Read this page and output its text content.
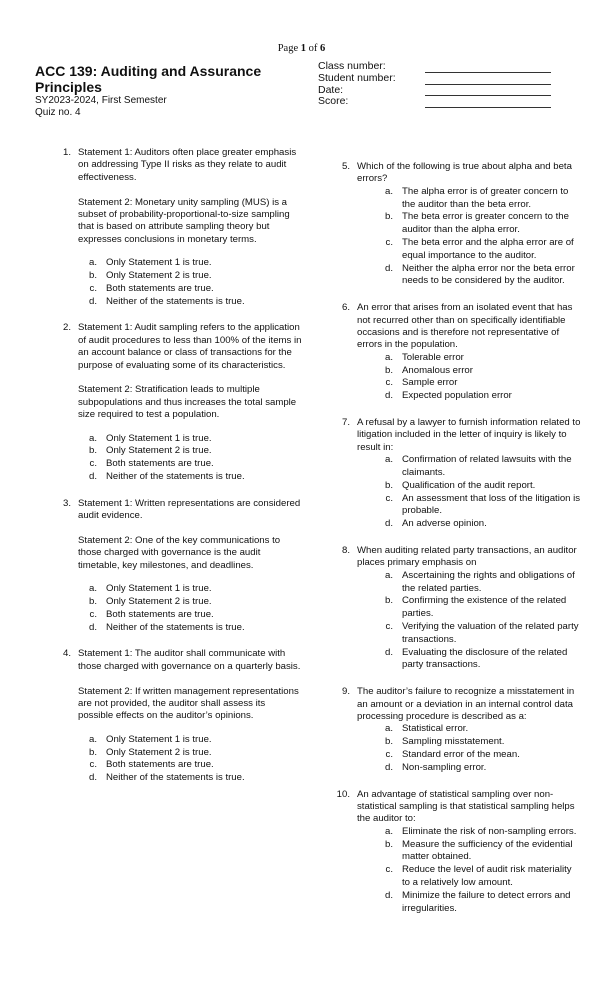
Page 1 of 6
ACC 139: Auditing and Assurance Principles
SY2023-2024, First Semester
Quiz no. 4
Class number:
Student number:
Date:
Score:
1. Statement 1: Auditors often place greater emphasis on addressing Type II risks as they relate to audit effectiveness.

Statement 2: Monetary unity sampling (MUS) is a subset of probability-proportional-to-size sampling that is based on attribute sampling theory but expresses conclusions in monetary terms.

a. Only Statement 1 is true.
b. Only Statement 2 is true.
c. Both statements are true.
d. Neither of the statements is true.
2. Statement 1: Audit sampling refers to the application of audit procedures to less than 100% of the items in an account balance or class of transactions for the purpose of evaluating some of its characteristics.

Statement 2: Stratification leads to multiple subpopulations and thus increases the total sample size required to test a population.

a. Only Statement 1 is true.
b. Only Statement 2 is true.
c. Both statements are true.
d. Neither of the statements is true.
3. Statement 1: Written representations are considered audit evidence.

Statement 2: One of the key communications to those charged with governance is the audit timetable, key milestones, and deadlines.

a. Only Statement 1 is true.
b. Only Statement 2 is true.
c. Both statements are true.
d. Neither of the statements is true.
4. Statement 1: The auditor shall communicate with those charged with governance on a quarterly basis.

Statement 2: If written management representations are not provided, the auditor shall assess its possible effects on the auditor’s opinions.

a. Only Statement 1 is true.
b. Only Statement 2 is true.
c. Both statements are true.
d. Neither of the statements is true.
5. Which of the following is true about alpha and beta errors?

a. The alpha error is of greater concern to the auditor than the beta error.
b. The beta error is greater concern to the auditor than the alpha error.
c. The beta error and the alpha error are of equal importance to the auditor.
d. Neither the alpha error nor the beta error needs to be considered by the auditor.
6. An error that arises from an isolated event that has not recurred other than on specifically identifiable occasions and is therefore not representative of errors in the population.

a. Tolerable error
b. Anomalous error
c. Sample error
d. Expected population error
7. A refusal by a lawyer to furnish information related to litigation included in the letter of inquiry is likely to result in:

a. Confirmation of related lawsuits with the claimants.
b. Qualification of the audit report.
c. An assessment that loss of the litigation is probable.
d. An adverse opinion.
8. When auditing related party transactions, an auditor places primary emphasis on

a. Ascertaining the rights and obligations of the related parties.
b. Confirming the existence of the related parties.
c. Verifying the valuation of the related party transactions.
d. Evaluating the disclosure of the related party transactions.
9. The auditor’s failure to recognize a misstatement in an amount or a deviation in an internal control data processing procedure is described as a:

a. Statistical error.
b. Sampling misstatement.
c. Standard error of the mean.
d. Non-sampling error.
10. An advantage of statistical sampling over non-statistical sampling is that statistical sampling helps the auditor to:

a. Eliminate the risk of non-sampling errors.
b. Measure the sufficiency of the evidential matter obtained.
c. Reduce the level of audit risk materiality to a relatively low amount.
d. Minimize the failure to detect errors and irregularities.
